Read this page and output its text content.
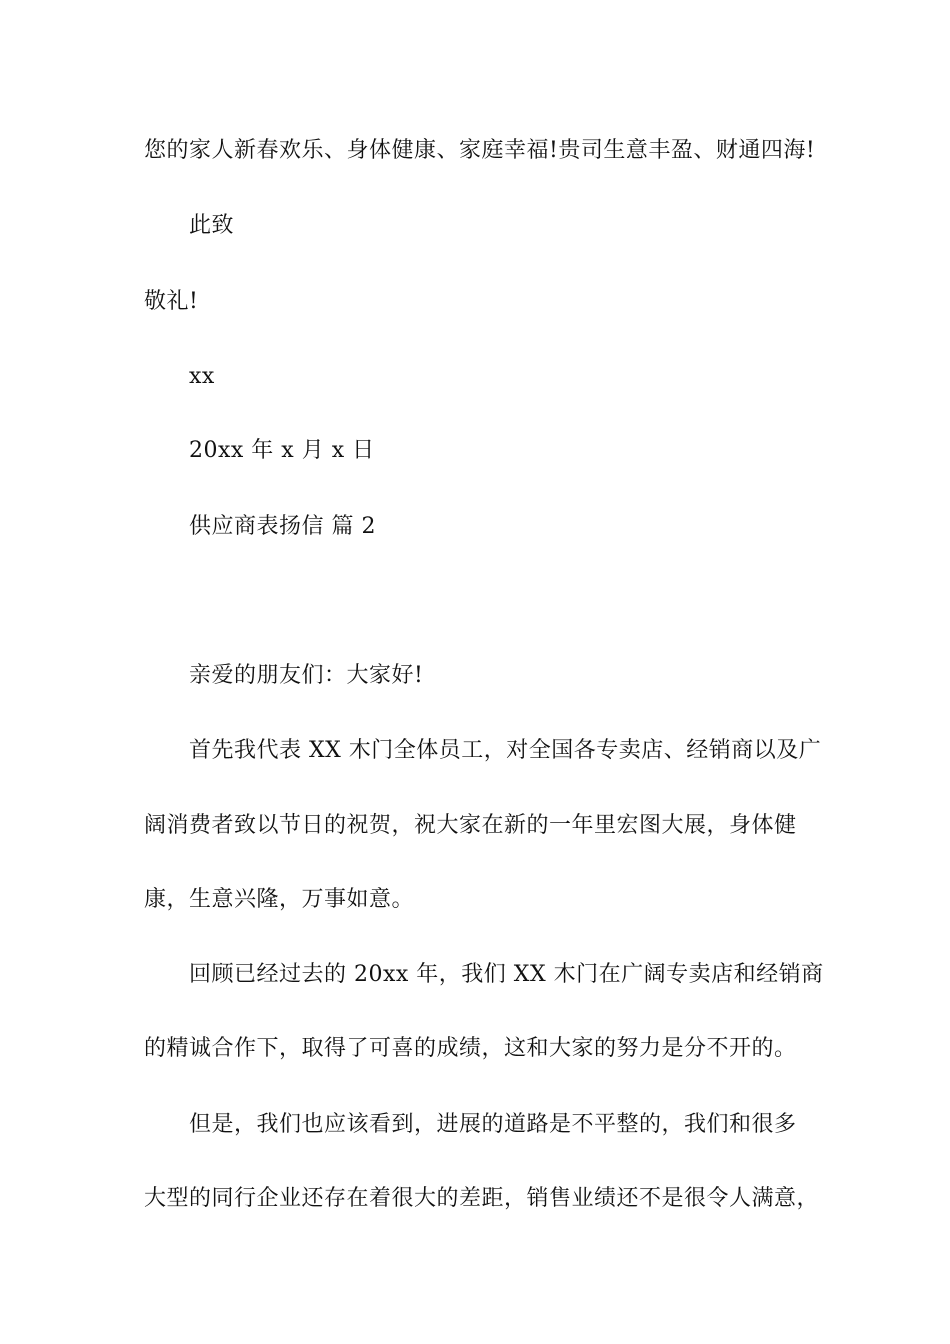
您的家人新春欢乐、身体健康、家庭幸福!贵司生意丰盈、财通四海!
此致
敬礼!
xx
20xx 年 x 月 x 日
供应商表扬信 篇 2
亲爱的朋友们：大家好!
首先我代表 XX 木门全体员工，对全国各专卖店、经销商以及广
阔消费者致以节日的祝贺，祝大家在新的一年里宏图大展，身体健
康，生意兴隆，万事如意。
回顾已经过去的 20xx 年，我们 XX 木门在广阔专卖店和经销商
的精诚合作下，取得了可喜的成绩，这和大家的努力是分不开的。
但是，我们也应该看到，进展的道路是不平整的，我们和很多
大型的同行企业还存在着很大的差距，销售业绩还不是很令人满意，
